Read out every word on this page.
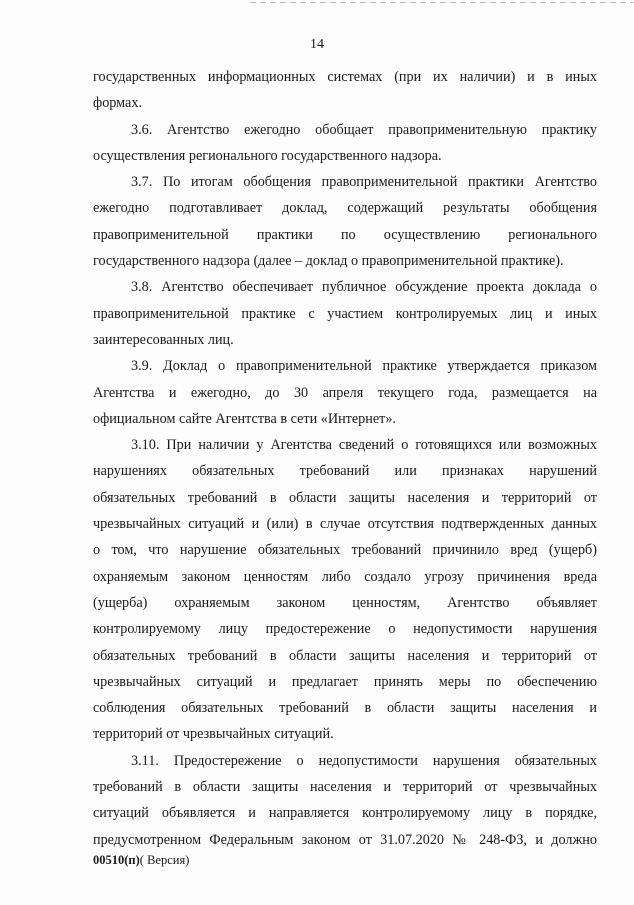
14
государственных информационных системах (при их наличии) и в иных
формах.
3.6. Агентство ежегодно обобщает правоприменительную практику
осуществления регионального государственного надзора.
3.7. По итогам обобщения правоприменительной практики Агентство
ежегодно подготавливает доклад, содержащий результаты обобщения
правоприменительной практики по осуществлению регионального
государственного надзора (далее – доклад о правоприменительной практике).
3.8. Агентство обеспечивает публичное обсуждение проекта доклада о
правоприменительной практике с участием контролируемых лиц и иных
заинтересованных лиц.
3.9. Доклад о правоприменительной практике утверждается приказом
Агентства и ежегодно, до 30 апреля текущего года, размещается на
официальном сайте Агентства в сети «Интернет».
3.10. При наличии у Агентства сведений о готовящихся или возможных
нарушениях обязательных требований или признаках нарушений
обязательных требований в области защиты населения и территорий от
чрезвычайных ситуаций и (или) в случае отсутствия подтвержденных данных
о том, что нарушение обязательных требований причинило вред (ущерб)
охраняемым законом ценностям либо создало угрозу причинения вреда
(ущерба) охраняемым законом ценностям, Агентство объявляет
контролируемому лицу предостережение о недопустимости нарушения
обязательных требований в области защиты населения и территорий от
чрезвычайных ситуаций и предлагает принять меры по обеспечению
соблюдения обязательных требований в области защиты населения и
территорий от чрезвычайных ситуаций.
3.11. Предостережение о недопустимости нарушения обязательных
требований в области защиты населения и территорий от чрезвычайных
ситуаций объявляется и направляется контролируемому лицу в порядке,
предусмотренном Федеральным законом от 31.07.2020 № 248-ФЗ, и должно
00510(п)( Версия)
